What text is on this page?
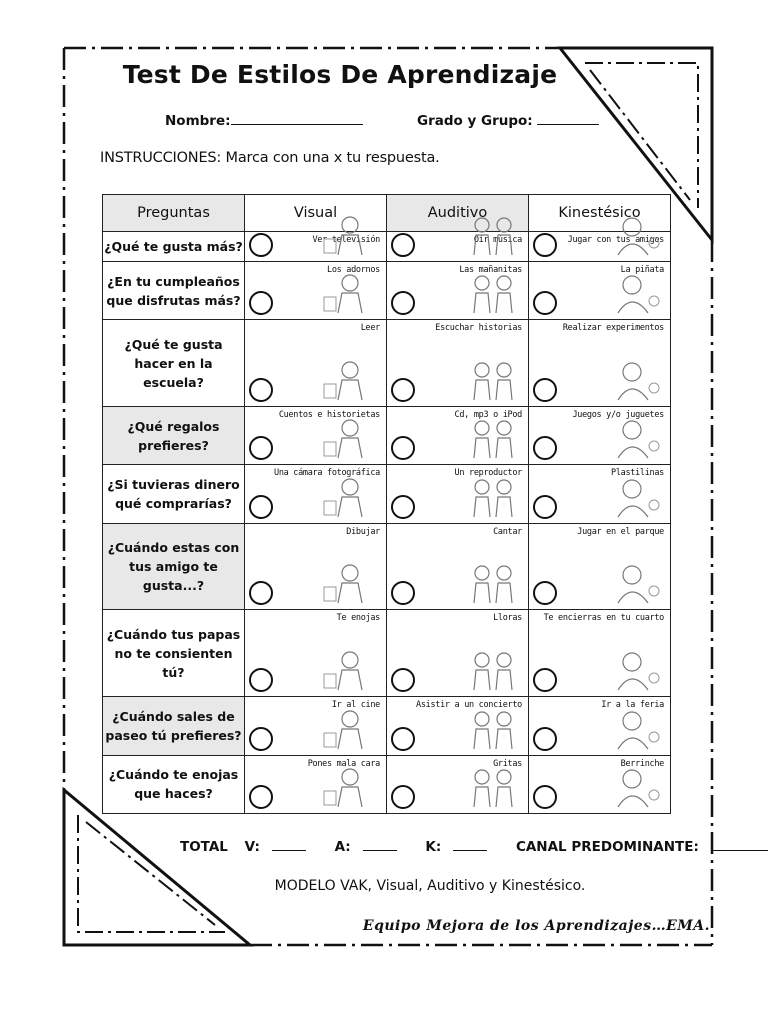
Test De Estilos De Aprendizaje
Nombre:	Grado y Grupo:
INSTRUCCIONES: Marca con una x tu respuesta.
Preguntas	Visual	Auditivo	Kinestésico
¿Qué te gusta más?	Ver televisión	Oír música	Jugar con tus amigos

¿En tu cumpleaños que disfrutas más?	Los adornos	Las mañanitas	La piñata

¿Qué te gusta hacer en la escuela?	Leer	Escuchar historias	Realizar experimentos

¿Qué regalos prefieres?	Cuentos e historietas	Cd, mp3 o iPod	Juegos y/o juguetes

¿Si tuvieras dinero qué comprarías?	Una cámara fotográfica	Un reproductor	Plastilinas

¿Cuándo estas con tus amigo te gusta...?	Dibujar	Cantar	Jugar en el parque

¿Cuándo tus papas no te consienten tú?	Te enojas	Lloras	Te encierras en tu cuarto

¿Cuándo sales de paseo tú prefieres?	Ir al cine	Asistir a un concierto	Ir a la feria

¿Cuándo te enojas que haces?	Pones mala cara	Gritas	Berrinche
TOTAL V:	A:	K:	CANAL PREDOMINANTE:
MODELO VAK, Visual, Auditivo y Kinestésico.
Equipo Mejora de los Aprendizajes…EMA.
